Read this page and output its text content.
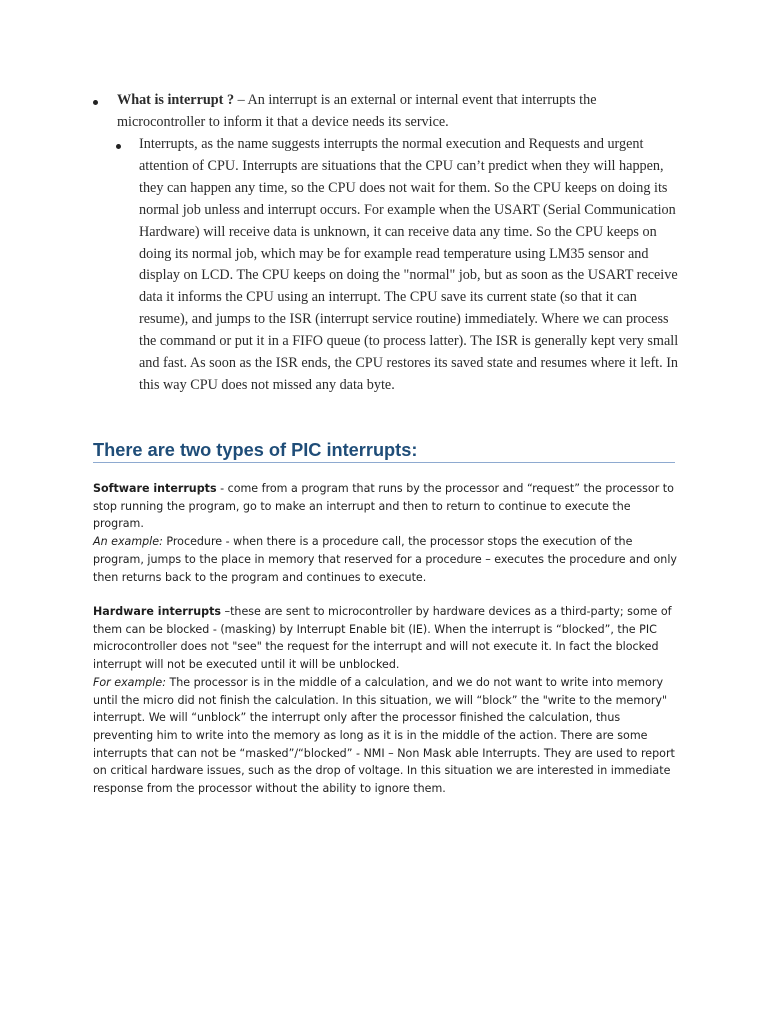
What is interrupt ? – An interrupt is an external or internal event that interrupts the microcontroller to inform it that a device needs its service.

Interrupts, as the name suggests interrupts the normal execution and Requests and urgent attention of CPU. Interrupts are situations that the CPU can’t predict when they will happen, they can happen any time, so the CPU does not wait for them. So the CPU keeps on doing its normal job unless and interrupt occurs. For example when the USART (Serial Communication Hardware) will receive data is unknown, it can receive data any time. So the CPU keeps on doing its normal job, which may be for example read temperature using LM35 sensor and display on LCD. The CPU keeps on doing the "normal" job, but as soon as the USART receive data it informs the CPU using an interrupt. The CPU save its current state (so that it can resume), and jumps to the ISR (interrupt service routine) immediately. Where we can process the command or put it in a FIFO queue (to process latter). The ISR is generally kept very small and fast. As soon as the ISR ends, the CPU restores its saved state and resumes where it left. In this way CPU does not missed any data byte.

There are two types of PIC interrupts:

Software interrupts - come from a program that runs by the processor and “request” the processor to stop running the program, go to make an interrupt and then to return to continue to execute the program.

An example: Procedure - when there is a procedure call, the processor stops the execution of the program, jumps to the place in memory that reserved for a procedure – executes the procedure and only then returns back to the program and continues to execute.

Hardware interrupts –these are sent to microcontroller by hardware devices as a third-party; some of them can be blocked - (masking) by Interrupt Enable bit (IE). When the interrupt is “blocked”, the PIC microcontroller does not "see" the request for the interrupt and will not execute it. In fact the blocked interrupt will not be executed until it will be unblocked.

For example: The processor is in the middle of a calculation, and we do not want to write into memory until the micro did not finish the calculation. In this situation, we will “block” the "write to the memory" interrupt. We will “unblock” the interrupt only after the processor finished the calculation, thus preventing him to write into the memory as long as it is in the middle of the action. There are some interrupts that can not be “masked”/“blocked” - NMI – Non Mask able Interrupts. They are used to report on critical hardware issues, such as the drop of voltage. In this situation we are interested in immediate response from the processor without the ability to ignore them.
